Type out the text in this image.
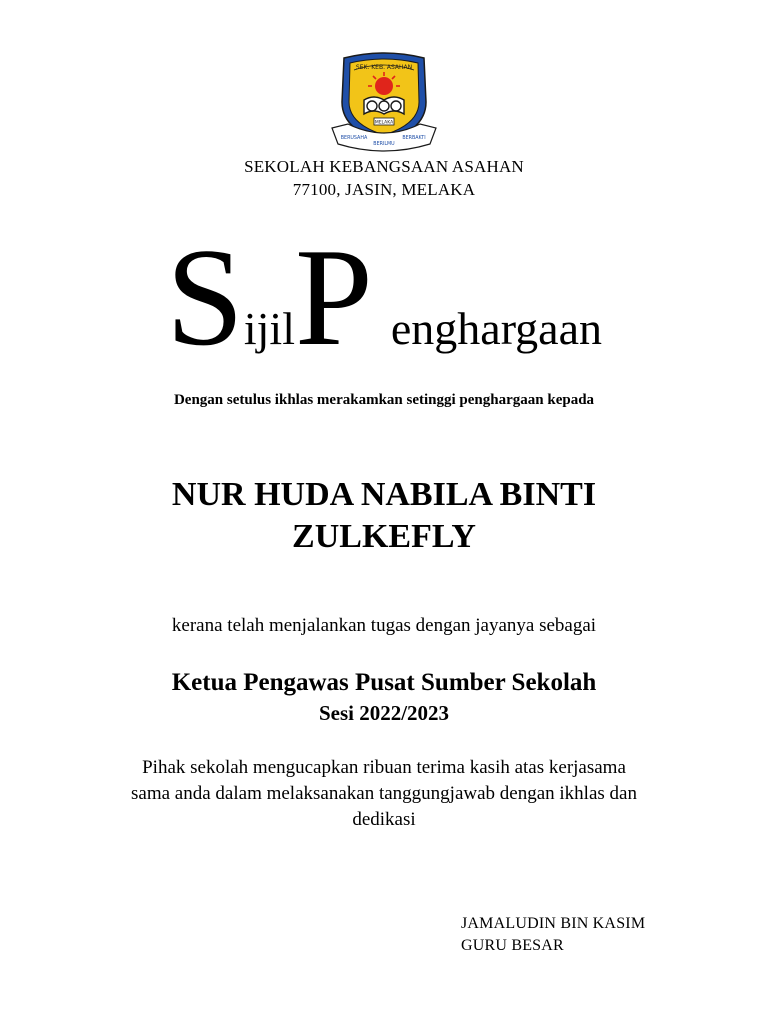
SEK. KEB. ASAHAN
MELAKA
BERUSAHA
BERILMU
BERBAKTI
SEKOLAH KEBANGSAAN ASAHAN
77100, JASIN, MELAKA
SijilP enghargaan
Dengan setulus ikhlas merakamkan setinggi penghargaan kepada
NUR HUDA NABILA BINTI
ZULKEFLY
kerana telah menjalankan tugas dengan jayanya sebagai
Ketua Pengawas Pusat Sumber Sekolah
Sesi 2022/2023
Pihak sekolah mengucapkan ribuan terima kasih atas kerjasama
sama anda dalam melaksanakan tanggungjawab dengan ikhlas dan
dedikasi
JAMALUDIN BIN KASIM
GURU BESAR
